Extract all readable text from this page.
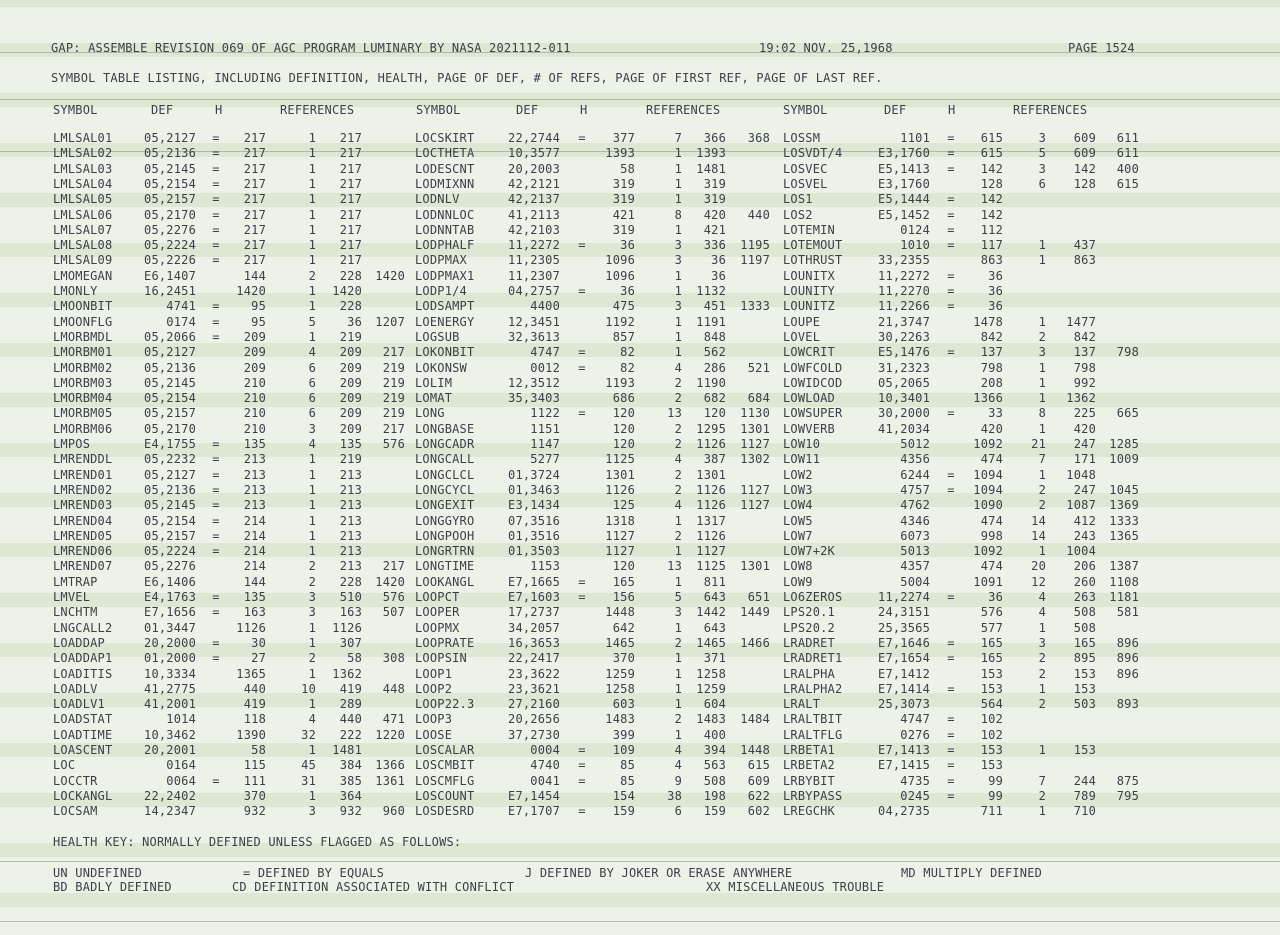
GAP: ASSEMBLE REVISION 069 OF AGC PROGRAM LUMINARY BY NASA 2021112-011	19:02 NOV. 25,1968	PAGE 1524
SYMBOL TABLE LISTING, INCLUDING DEFINITION, HEALTH, PAGE OF DEF, # OF REFS, PAGE OF FIRST REF, PAGE OF LAST REF.
SYMBOL	DEF	H	REFERENCES	SYMBOL	DEF	H	REFERENCES	SYMBOL	DEF	H	REFERENCES
LMLSAL01	05,2127 =	217	1	217	LOCSKIRT	22,2744 =	377	7	366	368 LOSSM	1101 =	615	3	609	611
LMLSAL02	05,2136 =	217	1	217	LOCTHETA	10,3577	1393	1	1393	LOSVDT/4	E3,1760 =	615	5	609	611
LMLSAL03	05,2145 =	217	1	217	LODESCNT	20,2003	58	1	1481	LOSVEC	E5,1413 =	142	3	142	400
LMLSAL04	05,2154 =	217	1	217	LODMIXNN	42,2121	319	1	319	LOSVEL	E3,1760	128	6	128	615
LMLSAL05	05,2157 =	217	1	217	LODNLV	42,2137	319	1	319	LOS1	E5,1444 =	142
LMLSAL06	05,2170 =	217	1	217	LODNNLOC	41,2113	421	8	420	440 LOS2	E5,1452 =	142
LMLSAL07	05,2276 =	217	1	217	LODNNTAB	42,2103	319	1	421	LOTEMIN	0124 =	112
LMLSAL08	05,2224 =	217	1	217	LODPHALF	11,2272 =	36	3	336	1195 LOTEMOUT	1010 =	117	1	437
LMLSAL09	05,2226 =	217	1	217	LODPMAX	11,2305	1096	3	36	1197 LOTHRUST	33,2355	863	1	863
LMOMEGAN	E6,1407	144	2	228	1420 LODPMAX1	11,2307	1096	1	36	LOUNITX	11,2272 =	36
LMONLY	16,2451	1420	1	1420	LODP1/4	04,2757 =	36	1	1132	LOUNITY	11,2270 =	36
LMOONBIT	4741 =	95	1	228	LODSAMPT	4400	475	3	451	1333 LOUNITZ	11,2266 =	36
LMOONFLG	0174 =	95	5	36	1207 LOENERGY	12,3451	1192	1	1191	LOUPE	21,3747	1478	1	1477
LMORBMDL	05,2066 =	209	1	219	LOGSUB	32,3613	857	1	848	LOVEL	30,2263	842	2	842
LMORBM01	05,2127	209	4	209	217 LOKONBIT	4747 =	82	1	562	LOWCRIT	E5,1476 =	137	3	137	798
LMORBM02	05,2136	209	6	209	219 LOKONSW	0012 =	82	4	286	521 LOWFCOLD	31,2323	798	1	798
LMORBM03	05,2145	210	6	209	219 LOLIM	12,3512	1193	2	1190	LOWIDCOD	05,2065	208	1	992
LMORBM04	05,2154	210	6	209	219 LOMAT	35,3403	686	2	682	684 LOWLOAD	10,3401	1366	1	1362
LMORBM05	05,2157	210	6	209	219 LONG	1122 =	120	13	120	1130 LOWSUPER	30,2000 =	33	8	225	665
LMORBM06	05,2170	210	3	209	217 LONGBASE	1151	120	2	1295	1301 LOWVERB	41,2034	420	1	420
LMPOS	E4,1755 =	135	4	135	576 LONGCADR	1147	120	2	1126	1127 LOW10	5012	1092	21	247	1285
LMRENDDL	05,2232 =	213	1	219	LONGCALL	5277	1125	4	387	1302 LOW11	4356	474	7	171	1009
LMREND01	05,2127 =	213	1	213	LONGCLCL	01,3724	1301	2	1301	LOW2	6244 =	1094	1	1048
LMREND02	05,2136 =	213	1	213	LONGCYCL	01,3463	1126	2	1126	1127 LOW3	4757 =	1094	2	247	1045
LMREND03	05,2145 =	213	1	213	LONGEXIT	E3,1434	125	4	1126	1127 LOW4	4762	1090	2	1087	1369
LMREND04	05,2154 =	214	1	213	LONGGYRO	07,3516	1318	1	1317	LOW5	4346	474	14	412	1333
LMREND05	05,2157 =	214	1	213	LONGPOOH	01,3516	1127	2	1126	LOW7	6073	998	14	243	1365
LMREND06	05,2224 =	214	1	213	LONGRTRN	01,3503	1127	1	1127	LOW7+2K	5013	1092	1	1004
LMREND07	05,2276	214	2	213	217 LONGTIME	1153	120	13	1125	1301 LOW8	4357	474	20	206	1387
LMTRAP	E6,1406	144	2	228	1420 LOOKANGL	E7,1665 =	165	1	811	LOW9	5004	1091	12	260	1108
LMVEL	E4,1763 =	135	3	510	576 LOOPCT	E7,1603 =	156	5	643	651 LO6ZEROS	11,2274 =	36	4	263	1181
LNCHTM	E7,1656 =	163	3	163	507 LOOPER	17,2737	1448	3	1442	1449 LPS20.1	24,3151	576	4	508	581
LNGCALL2	01,3447	1126	1	1126	LOOPMX	34,2057	642	1	643	LPS20.2	25,3565	577	1	508
LOADDAP	20,2000 =	30	1	307	LOOPRATE	16,3653	1465	2	1465	1466 LRADRET	E7,1646 =	165	3	165	896
LOADDAP1	01,2000 =	27	2	58	308 LOOPSIN	22,2417	370	1	371	LRADRET1	E7,1654 =	165	2	895	896
LOADITIS	10,3334	1365	1	1362	LOOP1	23,3622	1259	1	1258	LRALPHA	E7,1412	153	2	153	896
LOADLV	41,2775	440	10	419	448 LOOP2	23,3621	1258	1	1259	LRALPHA2	E7,1414 =	153	1	153
LOADLV1	41,2001	419	1	289	LOOP22.3	27,2160	603	1	604	LRALT	25,3073	564	2	503	893
LOADSTAT	1014	118	4	440	471 LOOP3	20,2656	1483	2	1483	1484 LRALTBIT	4747 =	102
LOADTIME	10,3462	1390	32	222	1220 LOOSE	37,2730	399	1	400	LRALTFLG	0276 =	102
LOASCENT	20,2001	58	1	1481	LOSCALAR	0004 =	109	4	394	1448 LRBETA1	E7,1413 =	153	1	153
LOC	0164	115	45	384	1366 LOSCMBIT	4740 =	85	4	563	615 LRBETA2	E7,1415 =	153
LOCCTR	0064 =	111	31	385	1361 LOSCMFLG	0041 =	85	9	508	609 LRBYBIT	4735 =	99	7	244	875
LOCKANGL	22,2402	370	1	364	LOSCOUNT	E7,1454	154	38	198	622 LRBYPASS	0245 =	99	2	789	795
LOCSAM	14,2347	932	3	932	960 LOSDESRD	E7,1707 =	159	6	159	602 LREGCHK	04,2735	711	1	710
HEALTH KEY: NORMALLY DEFINED UNLESS FLAGGED AS FOLLOWS:
UN UNDEFINED	= DEFINED BY EQUALS	J DEFINED BY JOKER OR ERASE ANYWHERE	MD MULTIPLY DEFINED
BD BADLY DEFINED	CD DEFINITION ASSOCIATED WITH CONFLICT	XX MISCELLANEOUS TROUBLE
